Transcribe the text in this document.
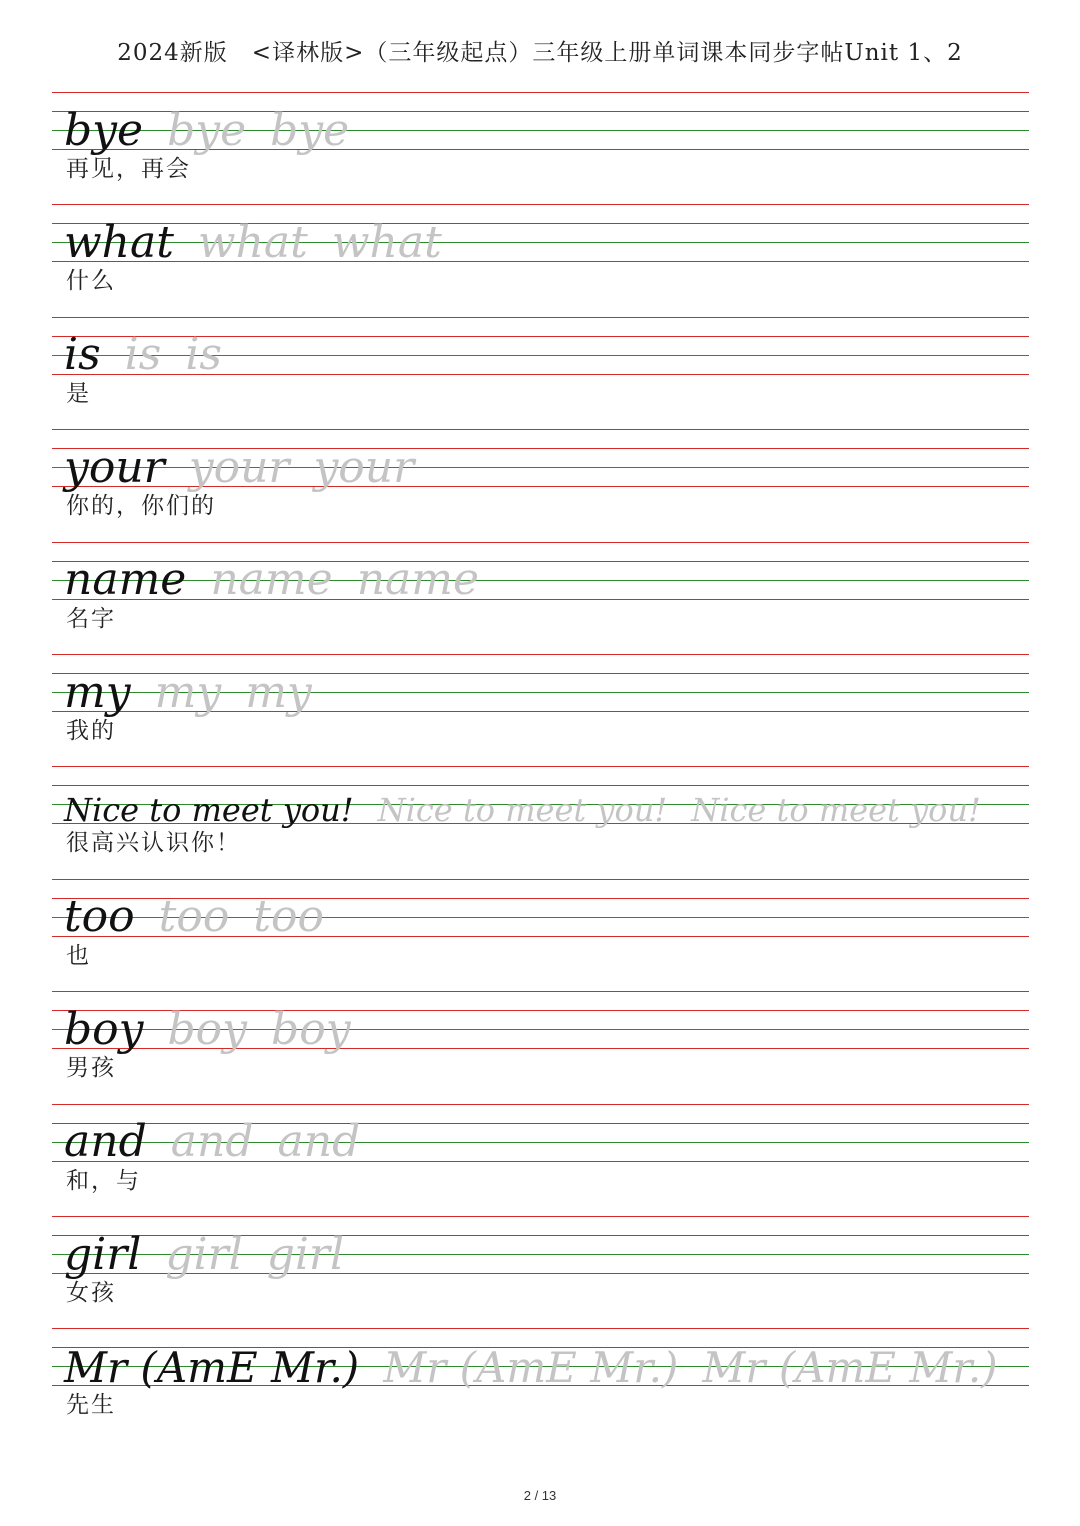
2024新版　<译林版>（三年级起点）三年级上册单词课本同步字帖Unit 1、2
bye bye bye
再见，再会
what what what
什么
is is is
是
your your your
你的，你们的
name name name
名字
my my my
我的
Nice to meet you! Nice to meet you! Nice to meet you!
很高兴认识你！
too too too
也
boy boy boy
男孩
and and and
和，与
girl girl girl
女孩
Mr (AmE Mr.) Mr (AmE Mr.) Mr (AmE Mr.)
先生
2 / 13
